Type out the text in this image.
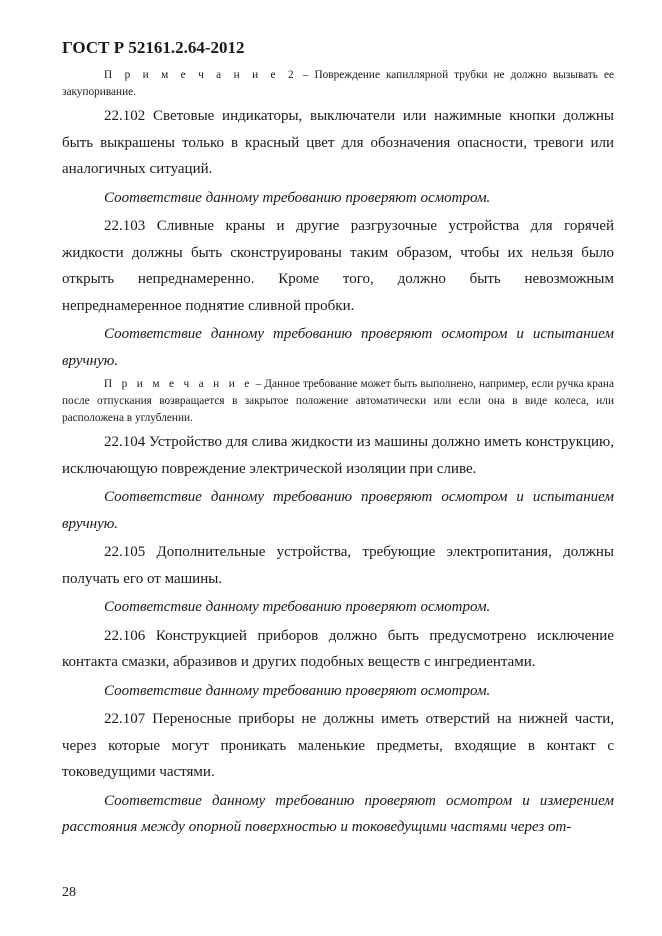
ГОСТ Р 52161.2.64-2012

П р и м е ч а н и е 2 – Повреждение капиллярной трубки не должно вызывать ее закупоривание.

22.102 Световые индикаторы, выключатели или нажимные кнопки должны быть выкрашены только в красный цвет для обозначения опасности, тревоги или аналогичных ситуаций.

Соответствие данному требованию проверяют осмотром.

22.103 Сливные краны и другие разгрузочные устройства для горячей жидкости должны быть сконструированы таким образом, чтобы их нельзя было открыть непреднамеренно. Кроме того, должно быть невозможным непреднамеренное поднятие сливной пробки.

Соответствие данному требованию проверяют осмотром и испытанием вручную.

П р и м е ч а н и е – Данное требование может быть выполнено, например, если ручка крана после отпускания возвращается в закрытое положение автоматически или если она в виде колеса, или расположена в углублении.

22.104 Устройство для слива жидкости из машины должно иметь конструкцию, исключающую повреждение электрической изоляции при сливе.

Соответствие данному требованию проверяют осмотром и испытанием вручную.

22.105 Дополнительные устройства, требующие электропитания, должны получать его от машины.

Соответствие данному требованию проверяют осмотром.

22.106 Конструкцией приборов должно быть предусмотрено исключение контакта смазки, абразивов и других подобных веществ с ингредиентами.

Соответствие данному требованию проверяют осмотром.

22.107 Переносные приборы не должны иметь отверстий на нижней части, через которые могут проникать маленькие предметы, входящие в контакт с токоведущими частями.

Соответствие данному требованию проверяют осмотром и измерением расстояния между опорной поверхностью и токоведущими частями через от-

28
